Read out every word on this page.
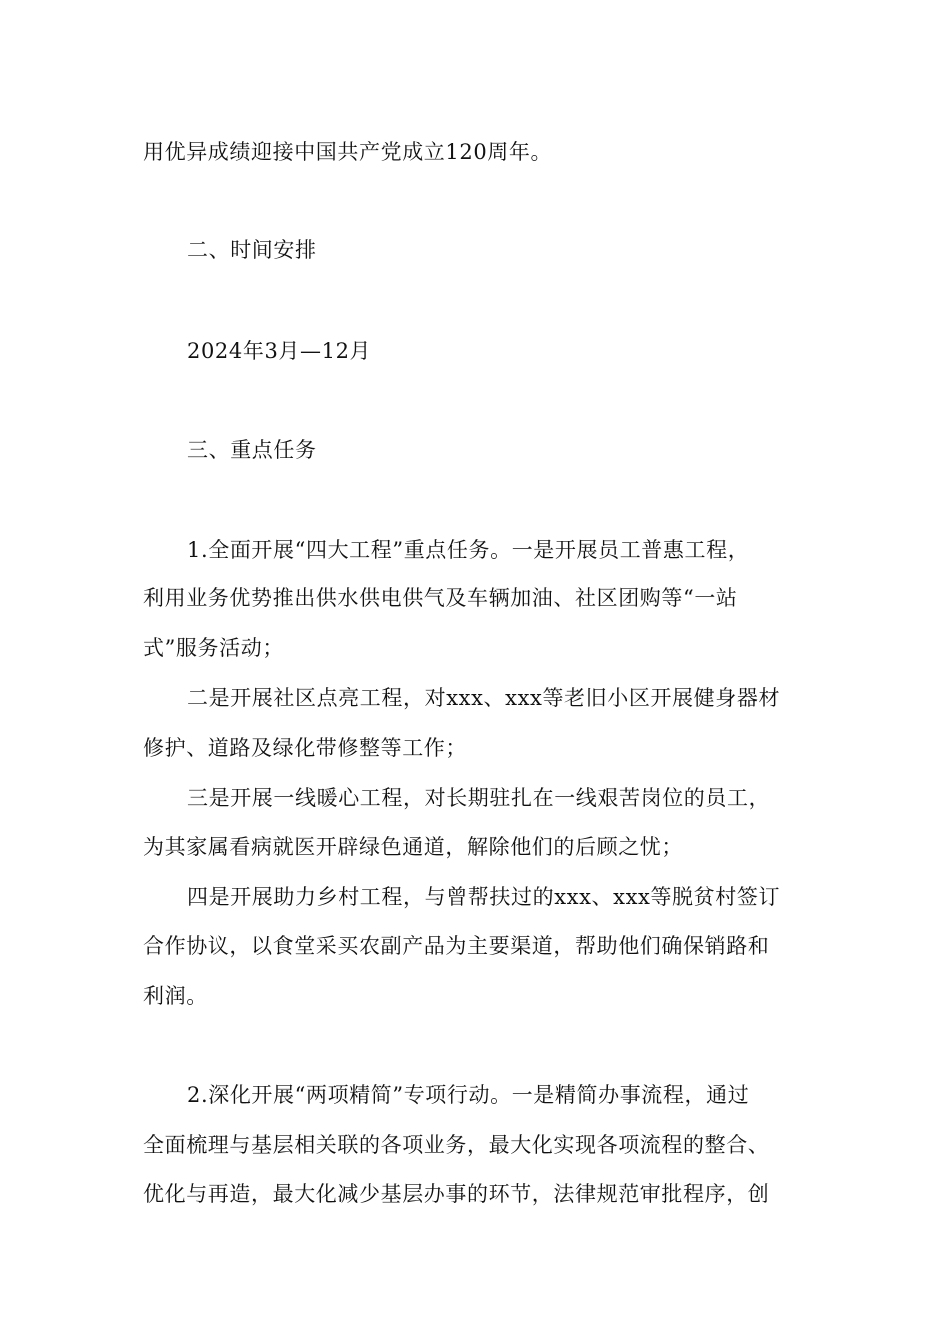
用优异成绩迎接中国共产党成立120周年。
二、时间安排
2024年3月—12月
三、重点任务
1.全面开展“四大工程”重点任务。一是开展员工普惠工程，
利用业务优势推出供水供电供气及车辆加油、社区团购等“一站
式”服务活动；
二是开展社区点亮工程，对xxx、xxx等老旧小区开展健身器材
修护、道路及绿化带修整等工作；
三是开展一线暖心工程，对长期驻扎在一线艰苦岗位的员工，
为其家属看病就医开辟绿色通道，解除他们的后顾之忧；
四是开展助力乡村工程，与曾帮扶过的xxx、xxx等脱贫村签订
合作协议，以食堂采买农副产品为主要渠道，帮助他们确保销路和
利润。
2.深化开展“两项精简”专项行动。一是精简办事流程，通过
全面梳理与基层相关联的各项业务，最大化实现各项流程的整合、
优化与再造，最大化减少基层办事的环节，法律规范审批程序，创
